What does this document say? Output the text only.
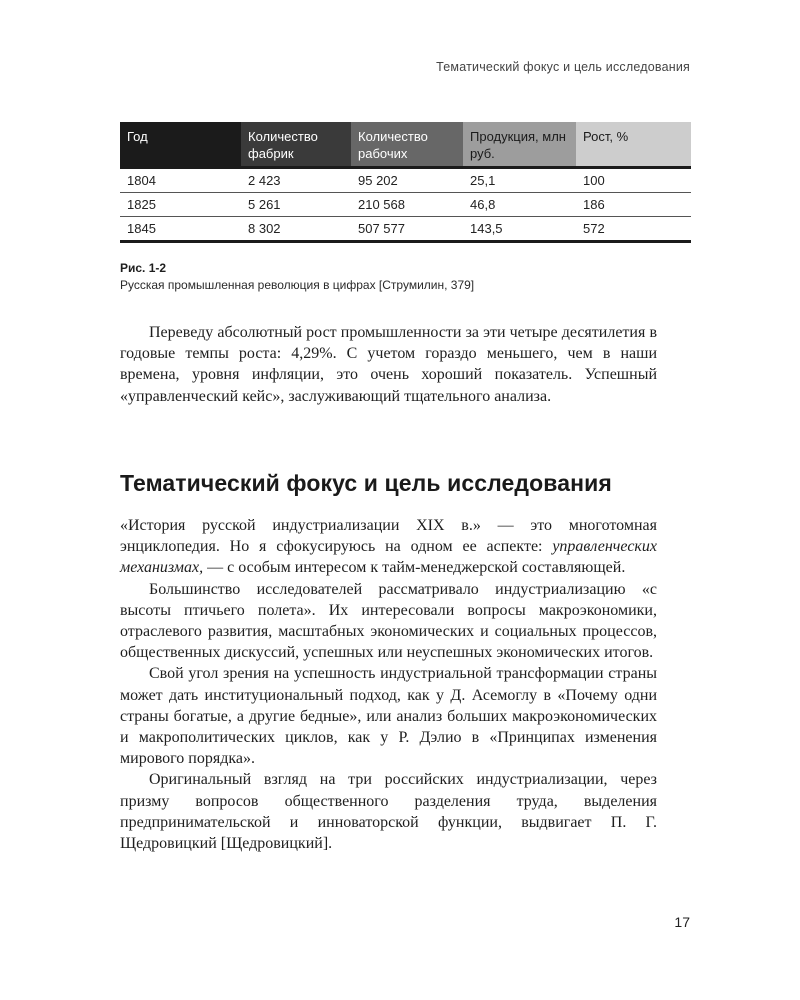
Тематический фокус и цель исследования
Год	Количество фабрик	Количество рабочих	Продукция, млн руб.	Рост, %
1804	2 423	95 202	25,1	100
1825	5 261	210 568	46,8	186
1845	8 302	507 577	143,5	572
Рис. 1-2
Русская промышленная революция в цифрах [Струмилин, 379]

Переведу абсолютный рост промышленности за эти четыре десятилетия в годовые темпы роста: 4,29%. С учетом гораздо меньшего, чем в наши времена, уровня инфляции, это очень хороший показатель. Успешный «управленческий кейс», заслуживающий тщательного анализа.

Тематический фокус и цель исследования

«История русской индустриализации XIX в.» — это многотомная энциклопедия. Но я сфокусируюсь на одном ее аспекте: управленческих механизмах, — с особым интересом к тайм-менеджерской составляющей.

Большинство исследователей рассматривало индустриализацию «с высоты птичьего полета». Их интересовали вопросы макроэкономики, отраслевого развития, масштабных экономических и социальных процессов, общественных дискуссий, успешных или неуспешных экономических итогов.

Свой угол зрения на успешность индустриальной трансформации страны может дать институциональный подход, как у Д. Асемоглу в «Почему одни страны богатые, а другие бедные», или анализ больших макроэкономических и макрополитических циклов, как у Р. Дэлио в «Принципах изменения мирового порядка».

Оригинальный взгляд на три российских индустриализации, через призму вопросов общественного разделения труда, выделения предпринимательской и инноваторской функции, выдвигает П. Г. Щедровицкий [Щедровицкий].

17
